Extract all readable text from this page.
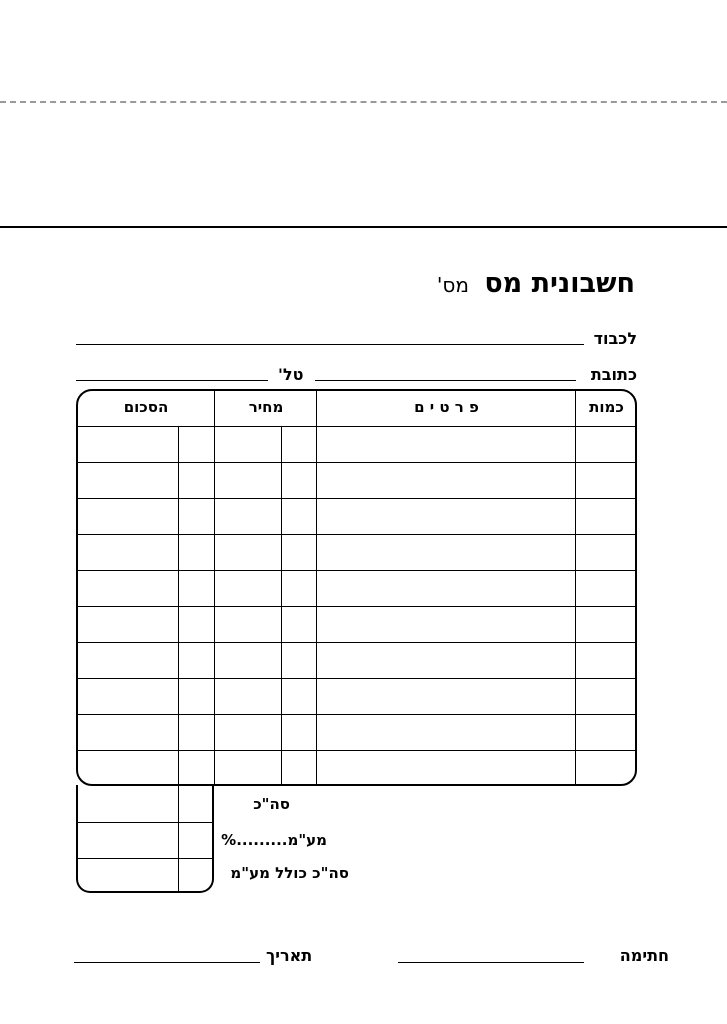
חשבונית מס מס'
לכבוד
כתובת
טל'
כמות
פ ר ט י ם
מחיר
הסכום
סה"כ
מע"מ.........%
סה"כ כולל מע"מ
חתימה
תאריך
